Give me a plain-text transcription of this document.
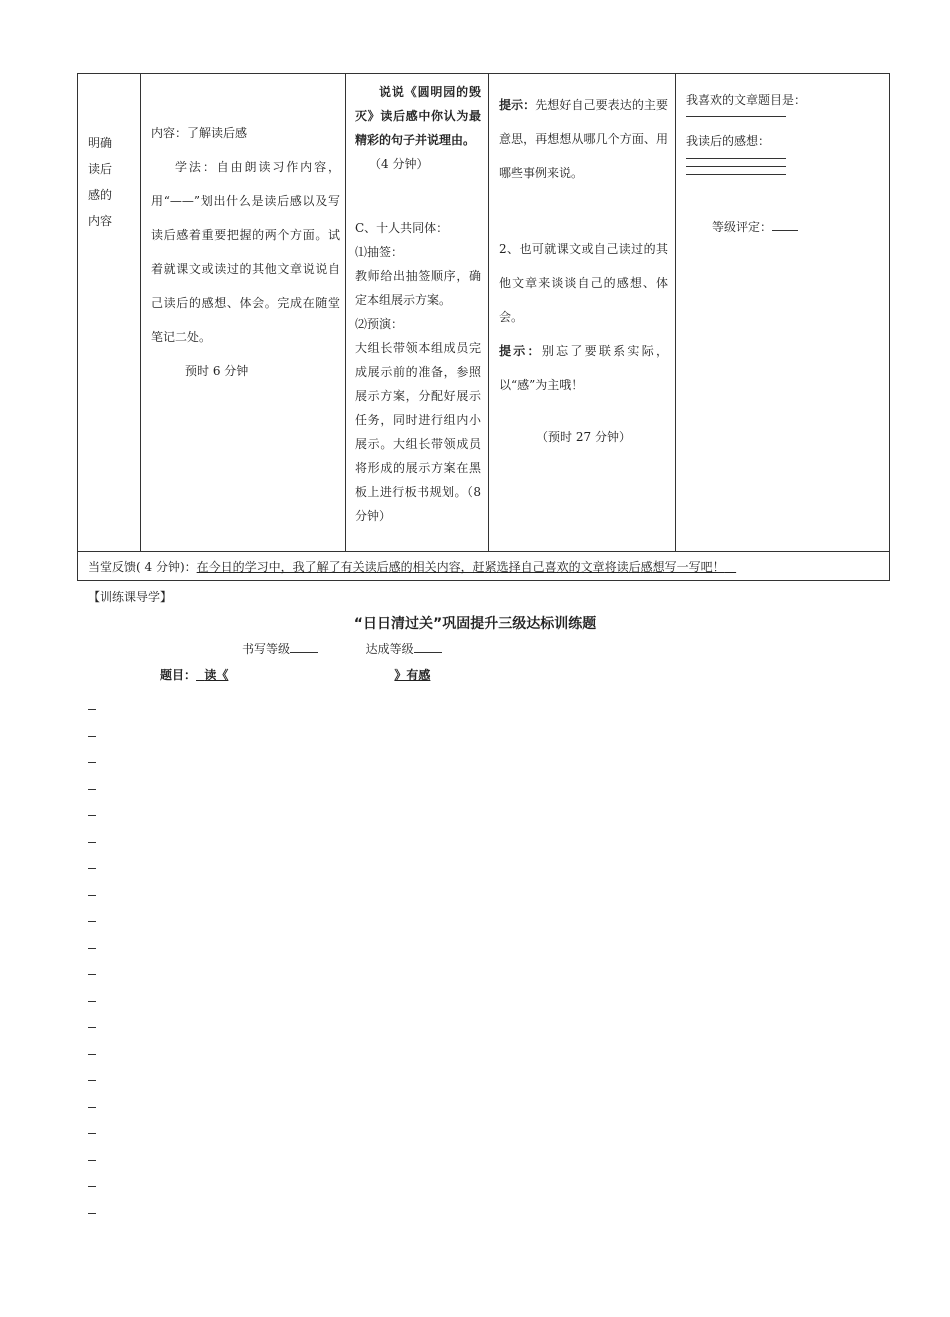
明确
读后
感的
内容
内容：了解读后感
学法：自由朗读习作内容，用“——”划出什么是读后感以及写读后感着重要把握的两个方面。试着就课文或读过的其他文章说说自己读后的感想、体会。完成在随堂笔记二处。
预时 6 分钟
说说《圆明园的毁灭》读后感中你认为最精彩的句子并说理由。
（4 分钟）
C、十人共同体：
⑴抽签：
教师给出抽签顺序，确定本组展示方案。
⑵预演：
大组长带领本组成员完成展示前的准备，参照展示方案，分配好展示任务，同时进行组内小展示。大组长带领成员将形成的展示方案在黑板上进行板书规划。（8 分钟）
提示：先想好自己要表达的主要意思，再想想从哪几个方面、用哪些事例来说。
2、也可就课文或自己读过的其他文章来谈谈自己的感想、体会。
提示：别忘了要联系实际，以“感”为主哦！
（预时 27 分钟）
我喜欢的文章题目是：
我读后的感想：
等级评定：
当堂反馈( 4 分钟)：在今日的学习中，我了解了有关读后感的相关内容，赶紧选择自己喜欢的文章将读后感想写一写吧！
【训练课导学】
“日日清过关”巩固提升三级达标训练题
书写等级	达成等级
题目： 读《	》有感
